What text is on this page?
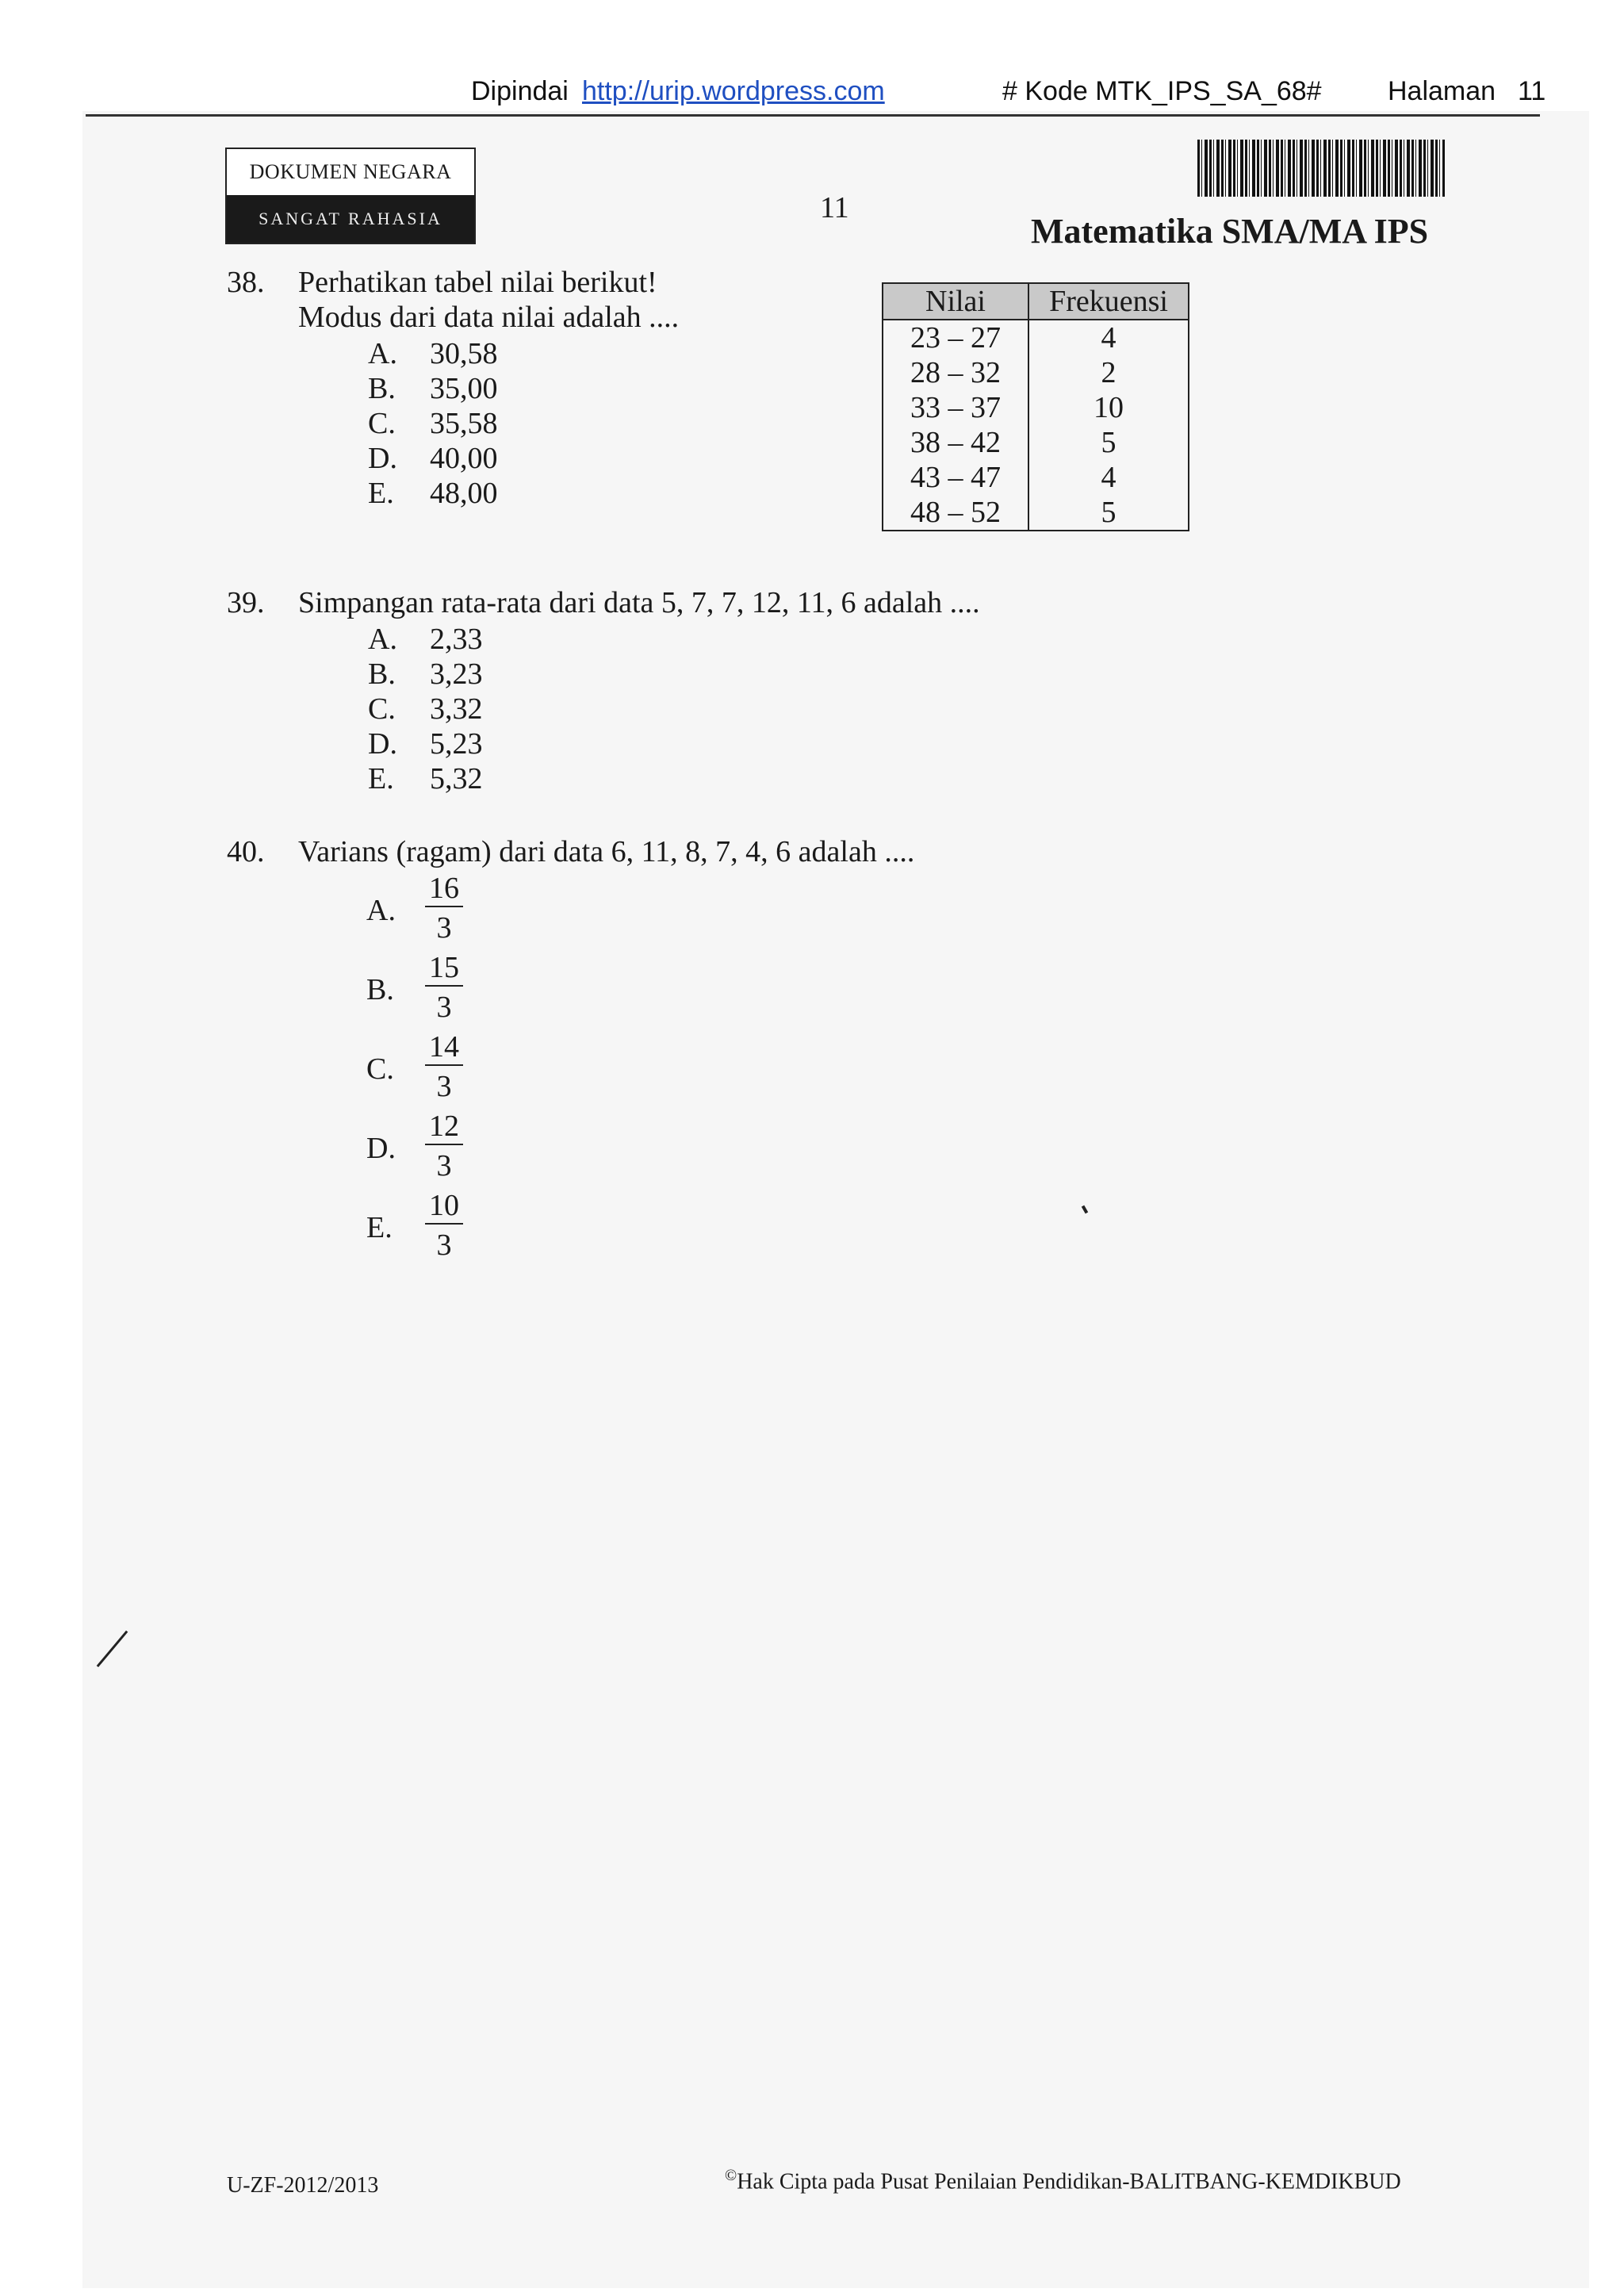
Dipindai http://urip.wordpress.com	# Kode MTK_IPS_SA_68# Halaman 11
DOKUMEN NEGARA
SANGAT RAHASIA	11
Matematika SMA/MA IPS
38. Perhatikan tabel nilai berikut!
Modus dari data nilai adalah ....
A. 30,58
B. 35,00
C. 35,58
D. 40,00
E. 48,00
Nilai	Frekuensi
23 – 27	4
28 – 32	2
33 – 37	10
38 – 42	5
43 – 47	4
48 – 52	5
39. Simpangan rata-rata dari data 5, 7, 7, 12, 11, 6 adalah ....
A. 2,33
B. 3,23
C. 3,32
D. 5,23
E. 5,32
40. Varians (ragam) dari data 6, 11, 8, 7, 4, 6 adalah ....
A. $\frac{16}{3}$
B. $\frac{15}{3}$
C. $\frac{14}{3}$
D. $\frac{12}{3}$
E. $\frac{10}{3}$
U-ZF-2012/2013	©Hak Cipta pada Pusat Penilaian Pendidikan-BALITBANG-KEMDIKBUD
